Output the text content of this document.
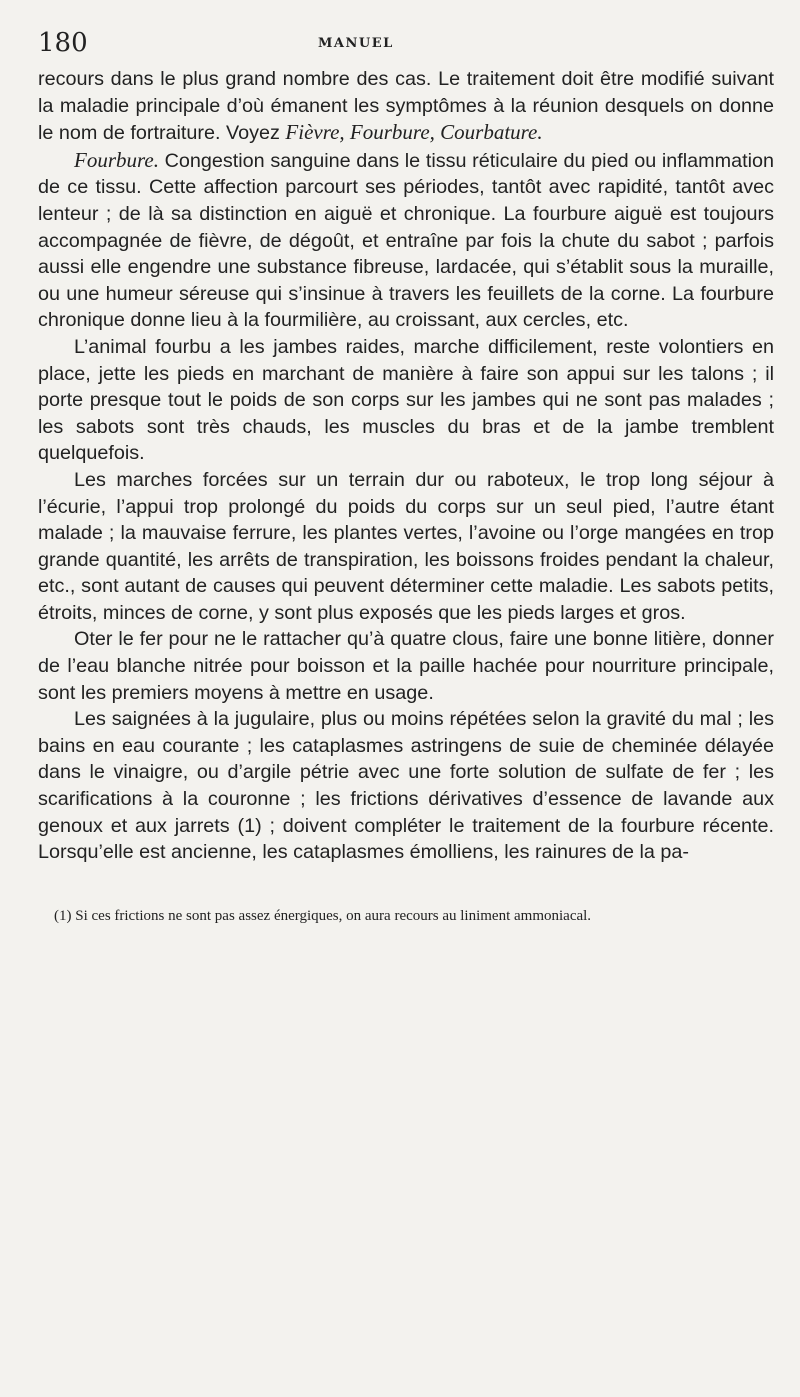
180	MANUEL

recours dans le plus grand nombre des cas. Le traitement doit être modifié suivant la maladie principale d’où émanent les symptômes à la réunion desquels on donne le nom de fortraiture. Voyez Fièvre, Fourbure, Courbature.

Fourbure. Congestion sanguine dans le tissu réticulaire du pied ou inflammation de ce tissu. Cette affection parcourt ses périodes, tantôt avec rapidité, tantôt avec lenteur ; de là sa distinction en aiguë et chronique. La fourbure aiguë est toujours accompagnée de fièvre, de dégoût, et entraîne par fois la chute du sabot ; parfois aussi elle engendre une substance fibreuse, lardacée, qui s’établit sous la muraille, ou une humeur séreuse qui s’insinue à travers les feuillets de la corne. La fourbure chronique donne lieu à la fourmilière, au croissant, aux cercles, etc.

L’animal fourbu a les jambes raides, marche difficilement, reste volontiers en place, jette les pieds en marchant de manière à faire son appui sur les talons ; il porte presque tout le poids de son corps sur les jambes qui ne sont pas malades ; les sabots sont très chauds, les muscles du bras et de la jambe tremblent quelquefois.

Les marches forcées sur un terrain dur ou raboteux, le trop long séjour à l’écurie, l’appui trop prolongé du poids du corps sur un seul pied, l’autre étant malade ; la mauvaise ferrure, les plantes vertes, l’avoine ou l’orge mangées en trop grande quantité, les arrêts de transpiration, les boissons froides pendant la chaleur, etc., sont autant de causes qui peuvent déterminer cette maladie. Les sabots petits, étroits, minces de corne, y sont plus exposés que les pieds larges et gros.

Oter le fer pour ne le rattacher qu’à quatre clous, faire une bonne litière, donner de l’eau blanche nitrée pour boisson et la paille hachée pour nourriture principale, sont les premiers moyens à mettre en usage.

Les saignées à la jugulaire, plus ou moins répétées selon la gravité du mal ; les bains en eau courante ; les cataplasmes astringens de suie de cheminée délayée dans le vinaigre, ou d’argile pétrie avec une forte solution de sulfate de fer ; les scarifications à la couronne ; les frictions dérivatives d’essence de lavande aux genoux et aux jarrets (1) ; doivent compléter le traitement de la fourbure récente. Lorsqu’elle est ancienne, les cataplasmes émolliens, les rainures de la pa-

(1) Si ces frictions ne sont pas assez énergiques, on aura recours au liniment ammoniacal.
